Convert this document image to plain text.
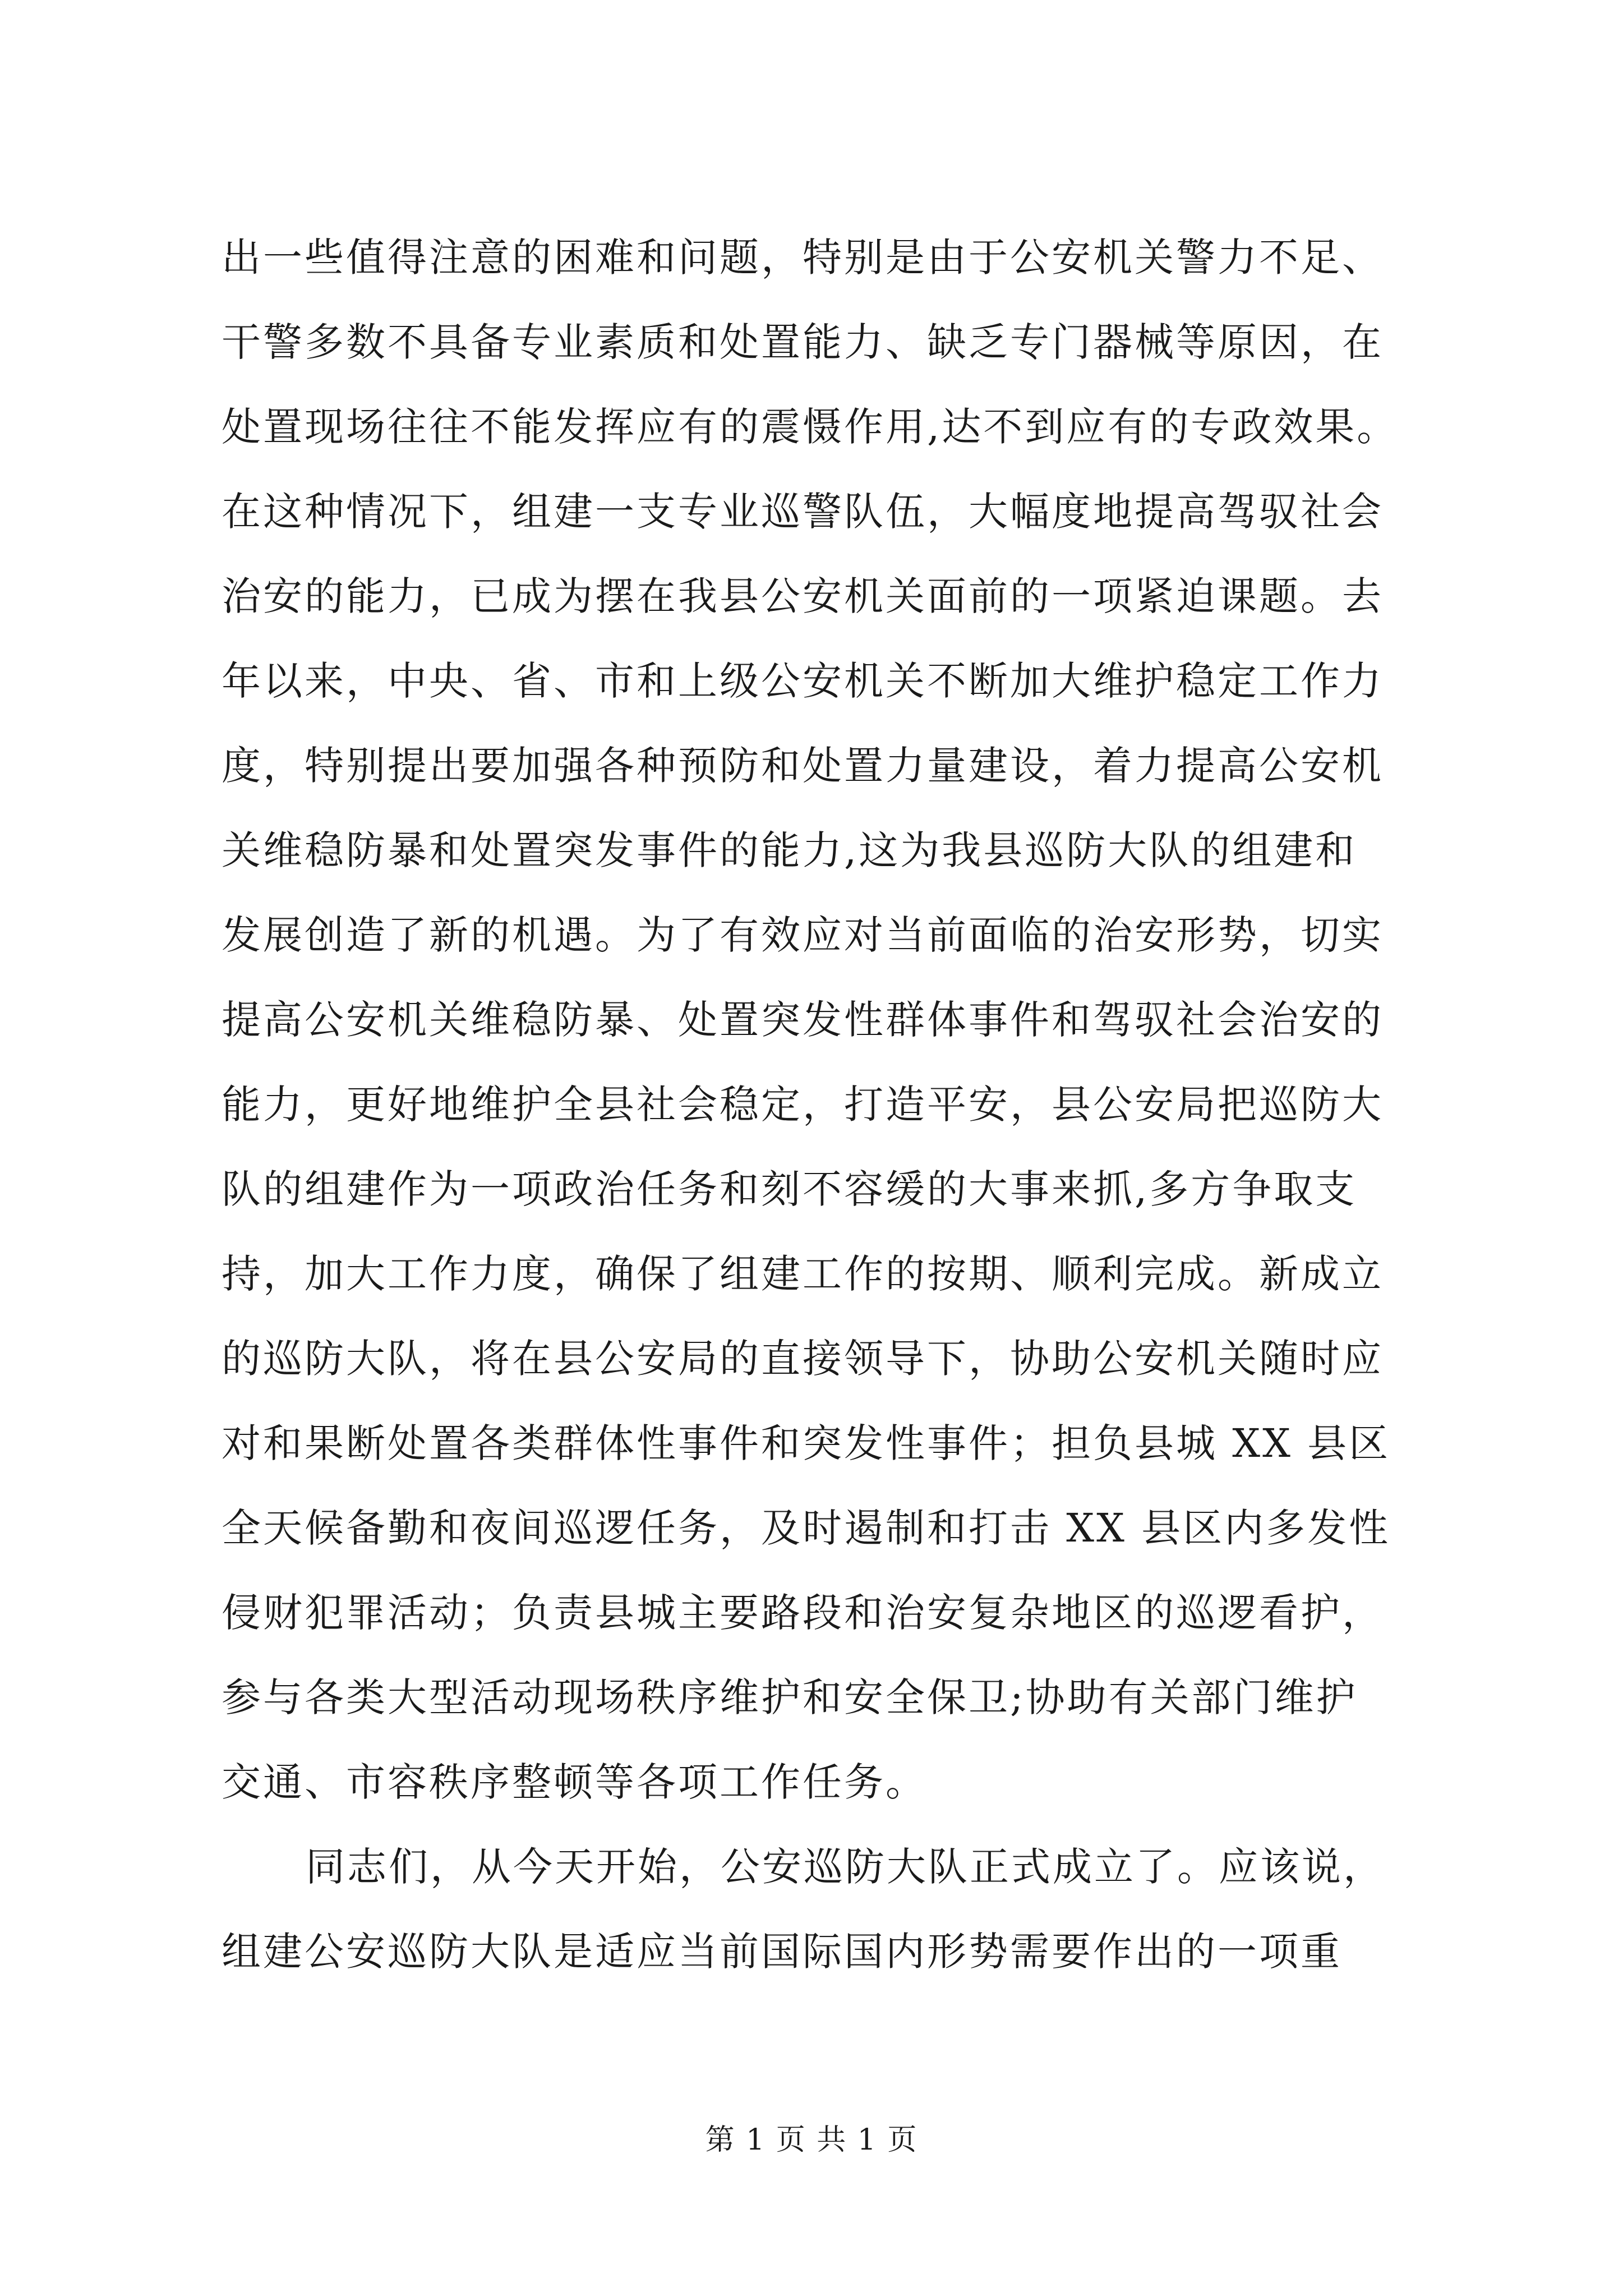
出一些值得注意的困难和问题，特别是由于公安机关警力不足、
干警多数不具备专业素质和处置能力、缺乏专门器械等原因，在
处置现场往往不能发挥应有的震慑作用,达不到应有的专政效果。
在这种情况下，组建一支专业巡警队伍，大幅度地提高驾驭社会
治安的能力，已成为摆在我县公安机关面前的一项紧迫课题。去
年以来，中央、省、市和上级公安机关不断加大维护稳定工作力
度，特别提出要加强各种预防和处置力量建设，着力提高公安机
关维稳防暴和处置突发事件的能力,这为我县巡防大队的组建和
发展创造了新的机遇。为了有效应对当前面临的治安形势，切实
提高公安机关维稳防暴、处置突发性群体事件和驾驭社会治安的
能力，更好地维护全县社会稳定，打造平安，县公安局把巡防大
队的组建作为一项政治任务和刻不容缓的大事来抓,多方争取支
持，加大工作力度，确保了组建工作的按期、顺利完成。新成立
的巡防大队，将在县公安局的直接领导下，协助公安机关随时应
对和果断处置各类群体性事件和突发性事件；担负县城 XX 县区
全天候备勤和夜间巡逻任务，及时遏制和打击 XX 县区内多发性
侵财犯罪活动；负责县城主要路段和治安复杂地区的巡逻看护，
参与各类大型活动现场秩序维护和安全保卫;协助有关部门维护
交通、市容秩序整顿等各项工作任务。
同志们，从今天开始，公安巡防大队正式成立了。应该说，
组建公安巡防大队是适应当前国际国内形势需要作出的一项重
第 1 页 共 1 页
